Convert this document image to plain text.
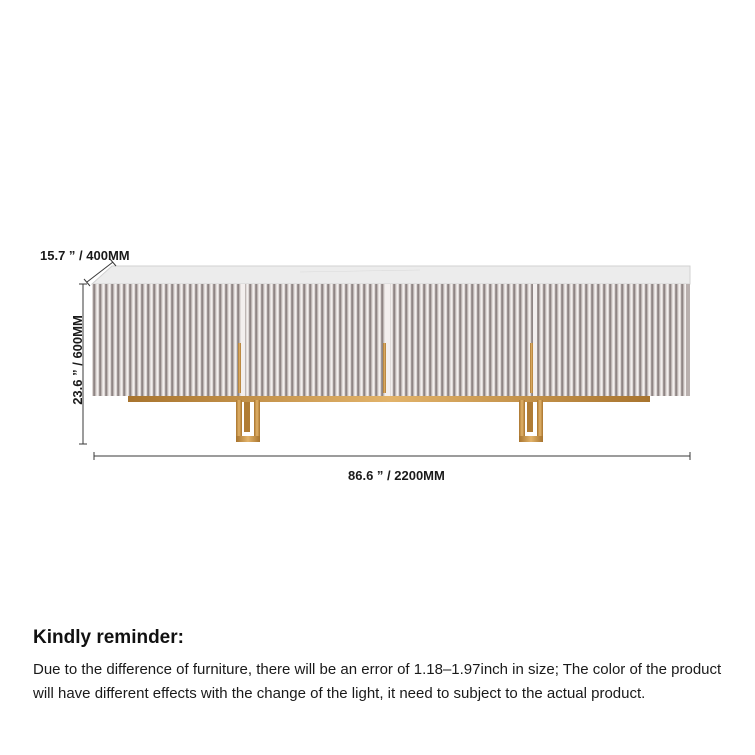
15.7 ” / 400MM
23.6 ” / 600MM
86.6 ” / 2200MM
Kindly reminder:
Due to the difference of furniture, there will be an error of 1.18–1.97inch in size; The color of the product will have different effects with the change of the light, it need to subject to the actual product.
